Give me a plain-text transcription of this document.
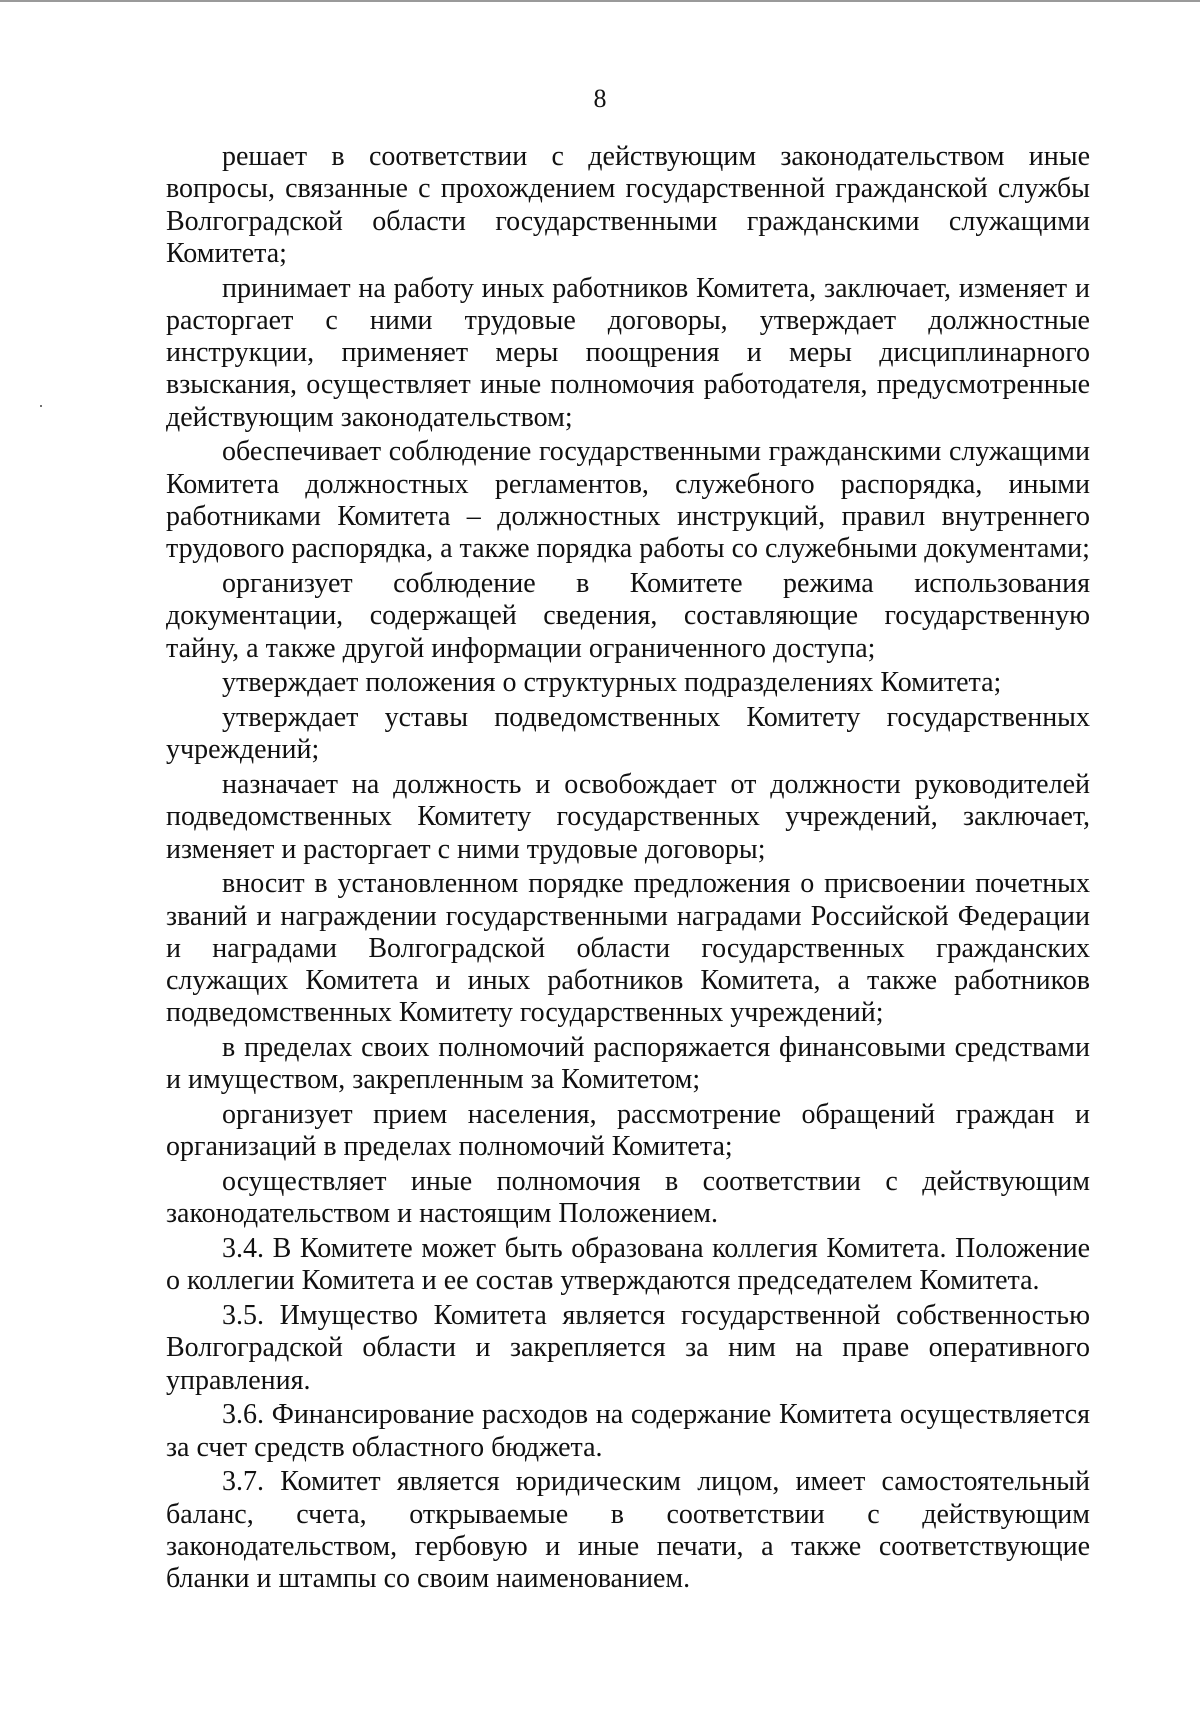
8

решает в соответствии с действующим законодательством иные вопросы, связанные с прохождением государственной гражданской службы Волгоградской области государственными гражданскими служащими Комитета;

принимает на работу иных работников Комитета, заключает, изменяет и расторгает с ними трудовые договоры, утверждает должностные инструкции, применяет меры поощрения и меры дисциплинарного взыскания, осуществляет иные полномочия работодателя, предусмотренные действующим законодательством;

обеспечивает соблюдение государственными гражданскими служащими Комитета должностных регламентов, служебного распорядка, иными работниками Комитета – должностных инструкций, правил внутреннего трудового распорядка, а также порядка работы со служебными документами;

организует соблюдение в Комитете режима использования документации, содержащей сведения, составляющие государственную тайну, а также другой информации ограниченного доступа;

утверждает положения о структурных подразделениях Комитета;

утверждает уставы подведомственных Комитету государственных учреждений;

назначает на должность и освобождает от должности руководителей подведомственных Комитету государственных учреждений, заключает, изменяет и расторгает с ними трудовые договоры;

вносит в установленном порядке предложения о присвоении почетных званий и награждении государственными наградами Российской Федерации и наградами Волгоградской области государственных гражданских служащих Комитета и иных работников Комитета, а также работников подведомственных Комитету государственных учреждений;

в пределах своих полномочий распоряжается финансовыми средствами и имуществом, закрепленным за Комитетом;

организует прием населения, рассмотрение обращений граждан и организаций в пределах полномочий Комитета;

осуществляет иные полномочия в соответствии с действующим законодательством и настоящим Положением.

3.4. В Комитете может быть образована коллегия Комитета. Положение о коллегии Комитета и ее состав утверждаются председателем Комитета.

3.5. Имущество Комитета является государственной собственностью Волгоградской области и закрепляется за ним на праве оперативного управления.

3.6. Финансирование расходов на содержание Комитета осуществляется за счет средств областного бюджета.

3.7. Комитет является юридическим лицом, имеет самостоятельный баланс, счета, открываемые в соответствии с действующим законодательством, гербовую и иные печати, а также соответствующие бланки и штампы со своим наименованием.
